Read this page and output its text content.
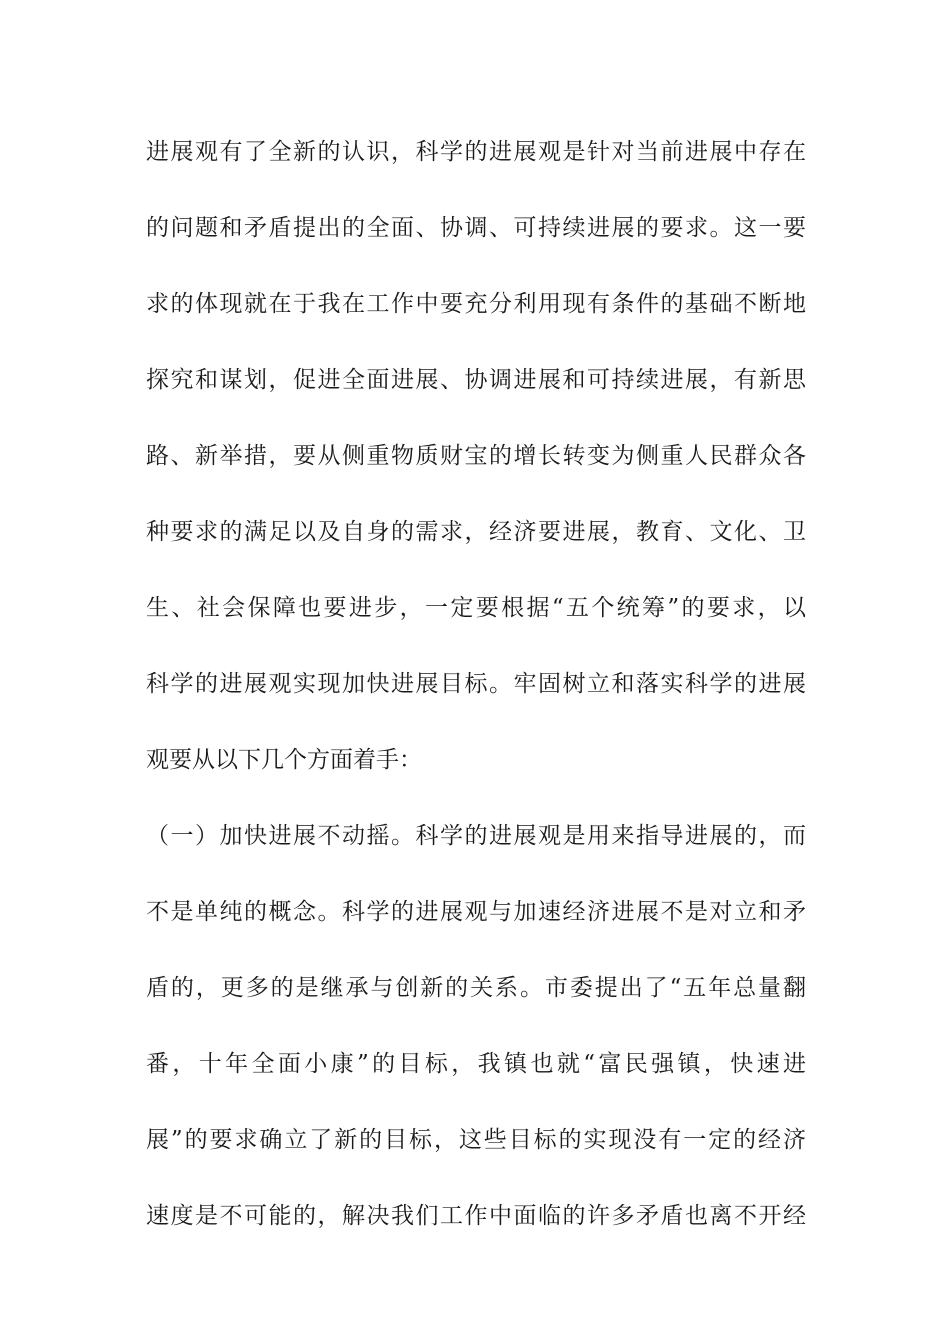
进展观有了全新的认识，科学的进展观是针对当前进展中存在
的问题和矛盾提出的全面、协调、可持续进展的要求。这一要
求的体现就在于我在工作中要充分利用现有条件的基础不断地
探究和谋划，促进全面进展、协调进展和可持续进展，有新思
路、新举措，要从侧重物质财宝的增长转变为侧重人民群众各
种要求的满足以及自身的需求，经济要进展，教育、文化、卫
生、社会保障也要进步，一定要根据“五个统筹”的要求，以
科学的进展观实现加快进展目标。牢固树立和落实科学的进展
观要从以下几个方面着手：
（一）加快进展不动摇。科学的进展观是用来指导进展的，而
不是单纯的概念。科学的进展观与加速经济进展不是对立和矛
盾的，更多的是继承与创新的关系。市委提出了“五年总量翻
番，十年全面小康”的目标，我镇也就“富民强镇，快速进
展”的要求确立了新的目标，这些目标的实现没有一定的经济
速度是不可能的，解决我们工作中面临的许多矛盾也离不开经
